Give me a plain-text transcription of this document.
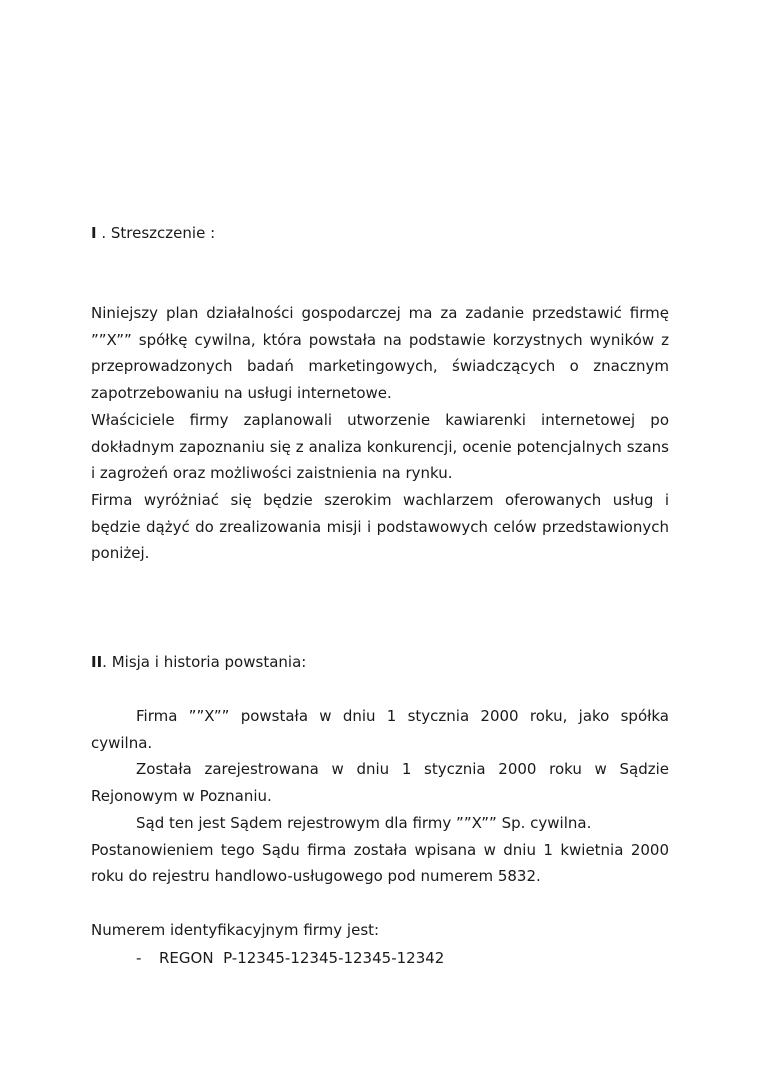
I . Streszczenie :

Niniejszy plan działalności gospodarczej ma za zadanie przedstawić firmę ””X”” spółkę cywilna, która powstała na podstawie korzystnych wyników z przeprowadzonych badań marketingowych, świadczących o znacznym zapotrzebowaniu na usługi internetowe.

Właściciele firmy zaplanowali utworzenie kawiarenki internetowej po dokładnym zapoznaniu się z analiza konkurencji, ocenie potencjalnych szans i zagrożeń oraz możliwości zaistnienia na rynku.

Firma wyróżniać się będzie szerokim wachlarzem oferowanych usług i będzie dążyć do zrealizowania misji i podstawowych celów przedstawionych poniżej.

II. Misja i historia powstania:

Firma ””X”” powstała w dniu 1 stycznia 2000 roku, jako spółka cywilna.

Została zarejestrowana w dniu 1 stycznia 2000 roku w Sądzie Rejonowym w Poznaniu.

Sąd ten jest Sądem rejestrowym dla firmy ””X”” Sp. cywilna.

Postanowieniem tego Sądu firma została wpisana w dniu 1 kwietnia 2000 roku do rejestru handlowo-usługowego pod numerem 5832.

Numerem identyfikacyjnym firmy jest:

- REGON  P-12345-12345-12345-12342
